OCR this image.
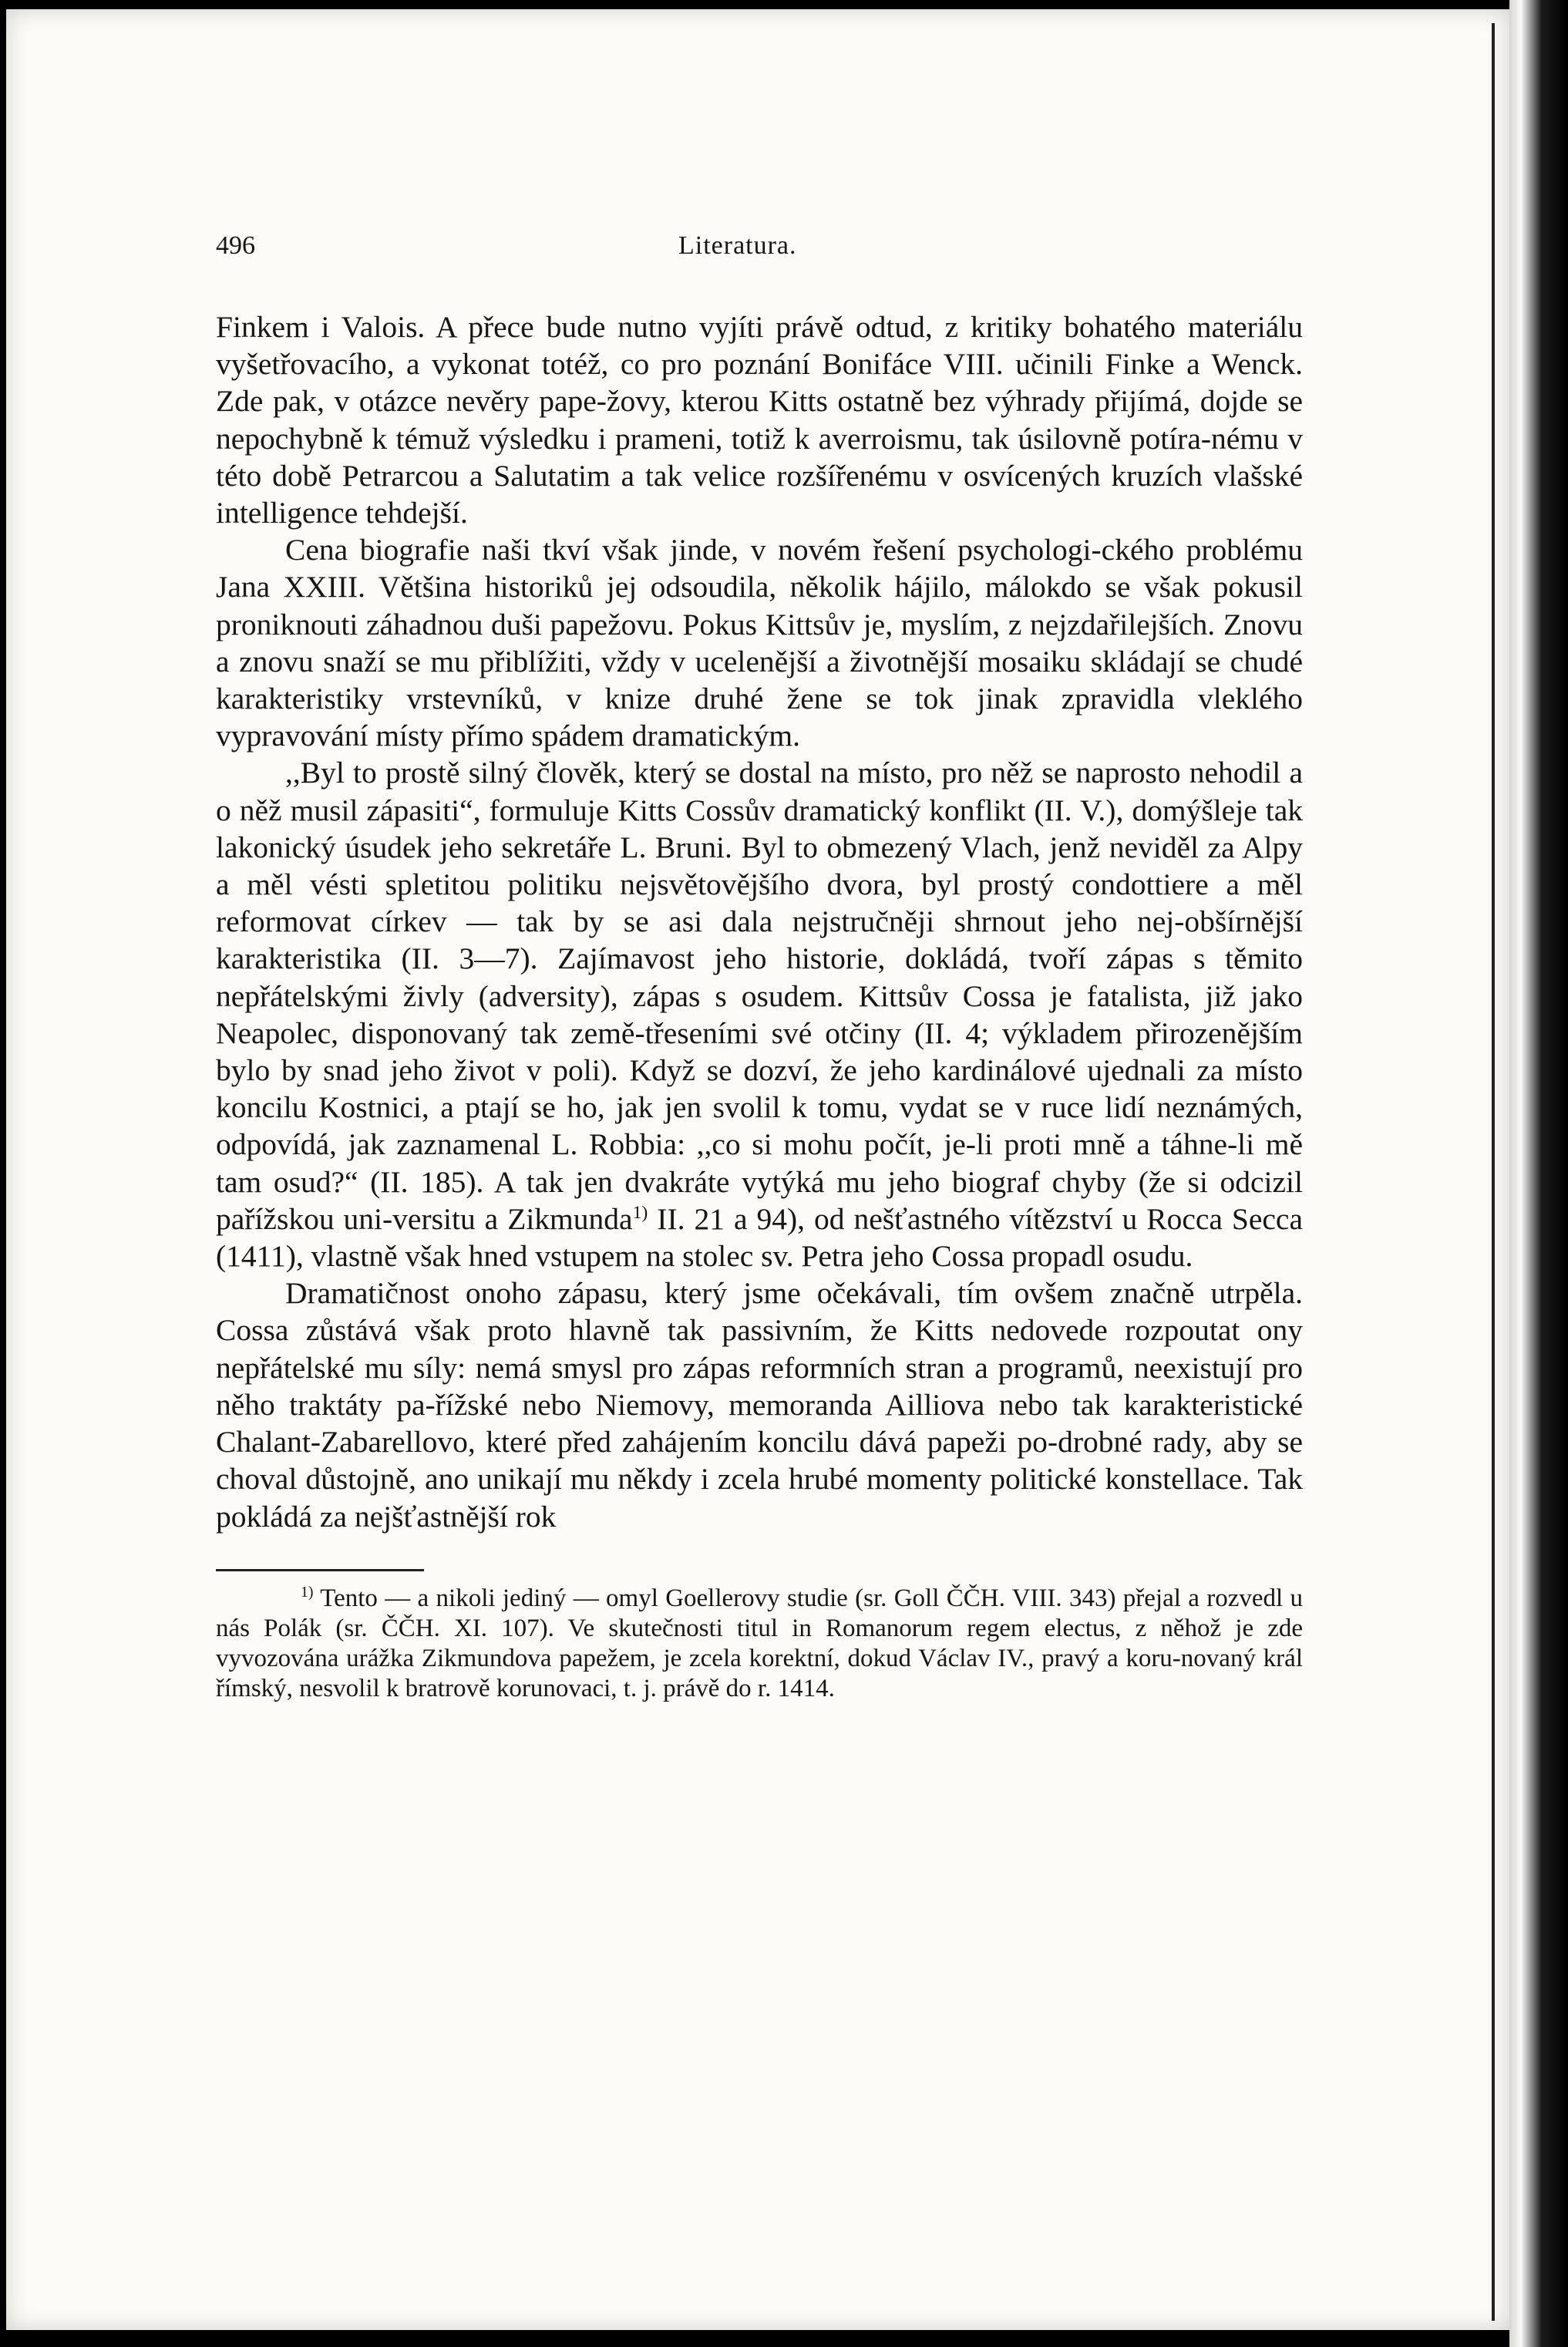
496	Literatura.

Finkem i Valois. A přece bude nutno vyjíti právě odtud, z kritiky bohatého materiálu vyšetřovacího, a vykonat totéž, co pro poznání Bonifáce VIII. učinili Finke a Wenck. Zde pak, v otázce nevěry pape-žovy, kterou Kitts ostatně bez výhrady přijímá, dojde se nepochybně k témuž výsledku i prameni, totiž k averroismu, tak úsilovně potíra-nému v této době Petrarcou a Salutatim a tak velice rozšířenému v osvícených kruzích vlašské intelligence tehdejší.

Cena biografie naši tkví však jinde, v novém řešení psychologi-ckého problému Jana XXIII. Většina historiků jej odsoudila, několik hájilo, málokdo se však pokusil proniknouti záhadnou duši papežovu. Pokus Kittsův je, myslím, z nejzdařilejších. Znovu a znovu snaží se mu přiblížiti, vždy v ucelenější a životnější mosaiku skládají se chudé karakteristiky vrstevníků, v knize druhé žene se tok jinak zpravidla vleklého vypravování místy přímo spádem dramatickým.

,,Byl to prostě silný člověk, který se dostal na místo, pro něž se naprosto nehodil a o něž musil zápasiti“, formuluje Kitts Cossův dramatický konflikt (II. V.), domýšleje tak lakonický úsudek jeho sekretáře L. Bruni. Byl to obmezený Vlach, jenž neviděl za Alpy a měl vésti spletitou politiku nejsvětovějšího dvora, byl prostý condottiere a měl reformovat církev — tak by se asi dala nejstručněji shrnout jeho nej-obšírnější karakteristika (II. 3—7). Zajímavost jeho historie, dokládá, tvoří zápas s těmito nepřátelskými živly (adversity), zápas s osudem. Kittsův Cossa je fatalista, již jako Neapolec, disponovaný tak země-třeseními své otčiny (II. 4; výkladem přirozenějším bylo by snad jeho život v poli). Když se dozví, že jeho kardinálové ujednali za místo koncilu Kostnici, a ptají se ho, jak jen svolil k tomu, vydat se v ruce lidí neznámých, odpovídá, jak zaznamenal L. Robbia: ,,co si mohu počít, je-li proti mně a táhne-li mě tam osud?“ (II. 185). A tak jen dvakráte vytýká mu jeho biograf chyby (že si odcizil pařížskou uni-versitu a Zikmunda$^{1)}$ II. 21 a 94), od nešťastného vítězství u Rocca Secca (1411), vlastně však hned vstupem na stolec sv. Petra jeho Cossa propadl osudu.

Dramatičnost onoho zápasu, který jsme očekávali, tím ovšem značně utrpěla. Cossa zůstává však proto hlavně tak passivním, že Kitts nedovede rozpoutat ony nepřátelské mu síly: nemá smysl pro zápas reformních stran a programů, neexistují pro něho traktáty pa-řížské nebo Niemovy, memoranda Ailliova nebo tak karakteristické Chalant-Zabarellovo, které před zahájením koncilu dává papeži po-drobné rady, aby se choval důstojně, ano unikají mu někdy i zcela hrubé momenty politické konstellace. Tak pokládá za nejšťastnější rok

$^{1)}$ Tento — a nikoli jediný — omyl Goellerovy studie (sr. Goll ČČH. VIII. 343) přejal a rozvedl u nás Polák (sr. ČČH. XI. 107). Ve skutečnosti titul in Romanorum regem electus, z něhož je zde vyvozována urážka Zikmundova papežem, je zcela korektní, dokud Václav IV., pravý a koru-novaný král římský, nesvolil k bratrově korunovaci, t. j. právě do r. 1414.
